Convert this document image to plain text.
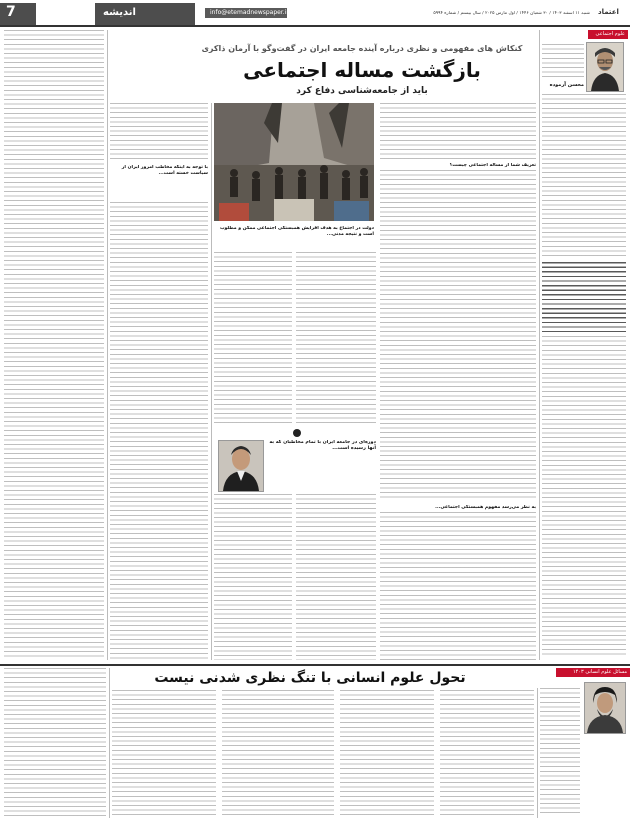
7	اندیشه	info@etemadnewspaper.ir	شنبه ۱۱ اسفند ۱۴۰۳ / ۳۰ شعبان ۱۴۴۶ / اول مارس ۲۰۲۵ / سال بیستم / شماره ۵۹۹۴ اعتماد
علوم اجتماعی
محسن آرموده
کنکاش های مفهومی و نظری درباره آینده جامعه ایران در گفت‌وگو با آرمان ذاکری
بازگشت مساله اجتماعی
باید از جامعه‌شناسی دفاع کرد
دولت در اجتماع به هدف افزایش همبستگی اجتماعی ممکن و مطلوب است و نتیجه مدنی...
تعریف شما از مساله اجتماعی چیست؟
به نظر می‌رسد مفهوم همبستگی اجتماعی...
دوره‌ای در جامعه ایران با تمام مخاطبان که به آنها رسیده است...
با توجه به اینکه مخاطب امروز ایران از سیاست خسته است...
مسائل علوم انسانی ۱۴۰۳
تحول علوم انسانی با تنگ نظری شدنی نیست
